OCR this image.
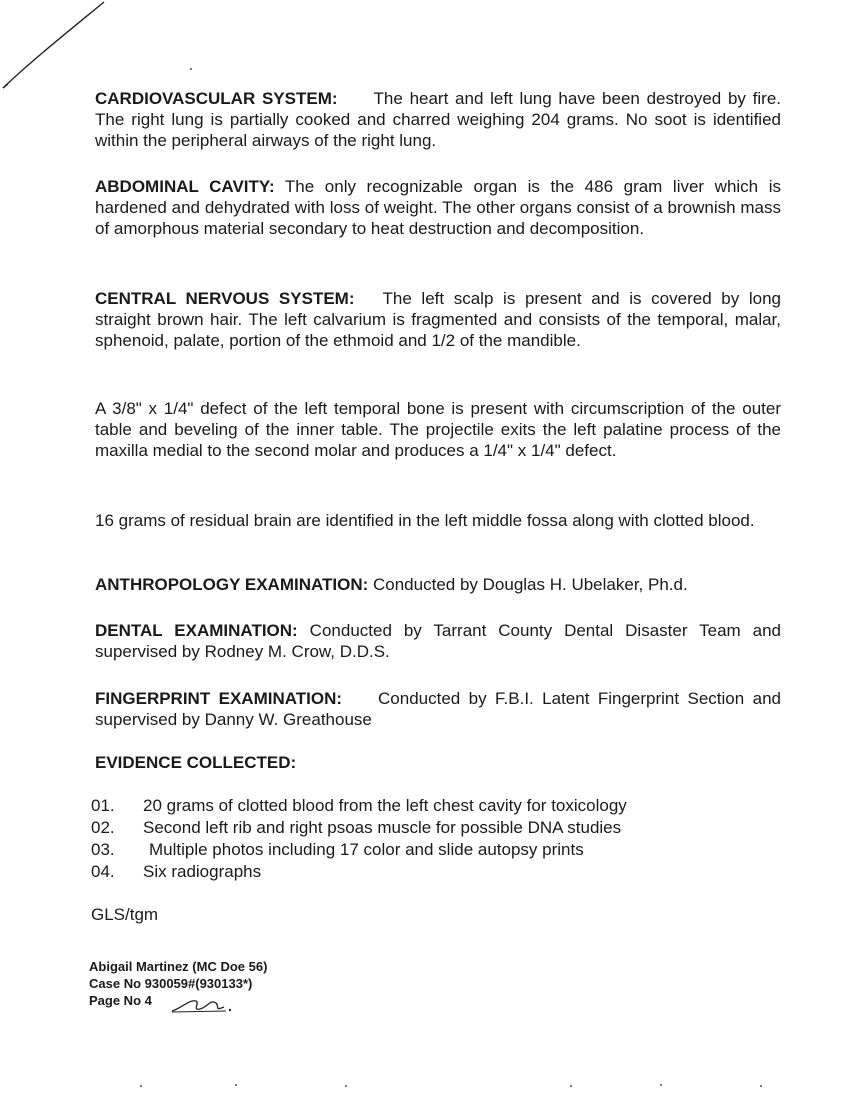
CARDIOVASCULAR SYSTEM: The heart and left lung have been destroyed by fire. The right lung is partially cooked and charred weighing 204 grams. No soot is identified within the peripheral airways of the right lung.

ABDOMINAL CAVITY: The only recognizable organ is the 486 gram liver which is hardened and dehydrated with loss of weight. The other organs consist of a brownish mass of amorphous material secondary to heat destruction and decomposition.

CENTRAL NERVOUS SYSTEM: The left scalp is present and is covered by long straight brown hair. The left calvarium is fragmented and consists of the temporal, malar, sphenoid, palate, portion of the ethmoid and 1/2 of the mandible.

A 3/8" x 1/4" defect of the left temporal bone is present with circumscription of the outer table and beveling of the inner table. The projectile exits the left palatine process of the maxilla medial to the second molar and produces a 1/4" x 1/4" defect.

16 grams of residual brain are identified in the left middle fossa along with clotted blood.

ANTHROPOLOGY EXAMINATION: Conducted by Douglas H. Ubelaker, Ph.d.

DENTAL EXAMINATION: Conducted by Tarrant County Dental Disaster Team and supervised by Rodney M. Crow, D.D.S.

FINGERPRINT EXAMINATION: Conducted by F.B.I. Latent Fingerprint Section and supervised by Danny W. Greathouse

EVIDENCE COLLECTED:

01.	20 grams of clotted blood from the left chest cavity for toxicology
02.	Second left rib and right psoas muscle for possible DNA studies
03.	Multiple photos including 17 color and slide autopsy prints
04.	Six radiographs
GLS/tgm
Abigail Martinez (MC Doe 56)
Case No 930059#(930133*)
Page No 4
